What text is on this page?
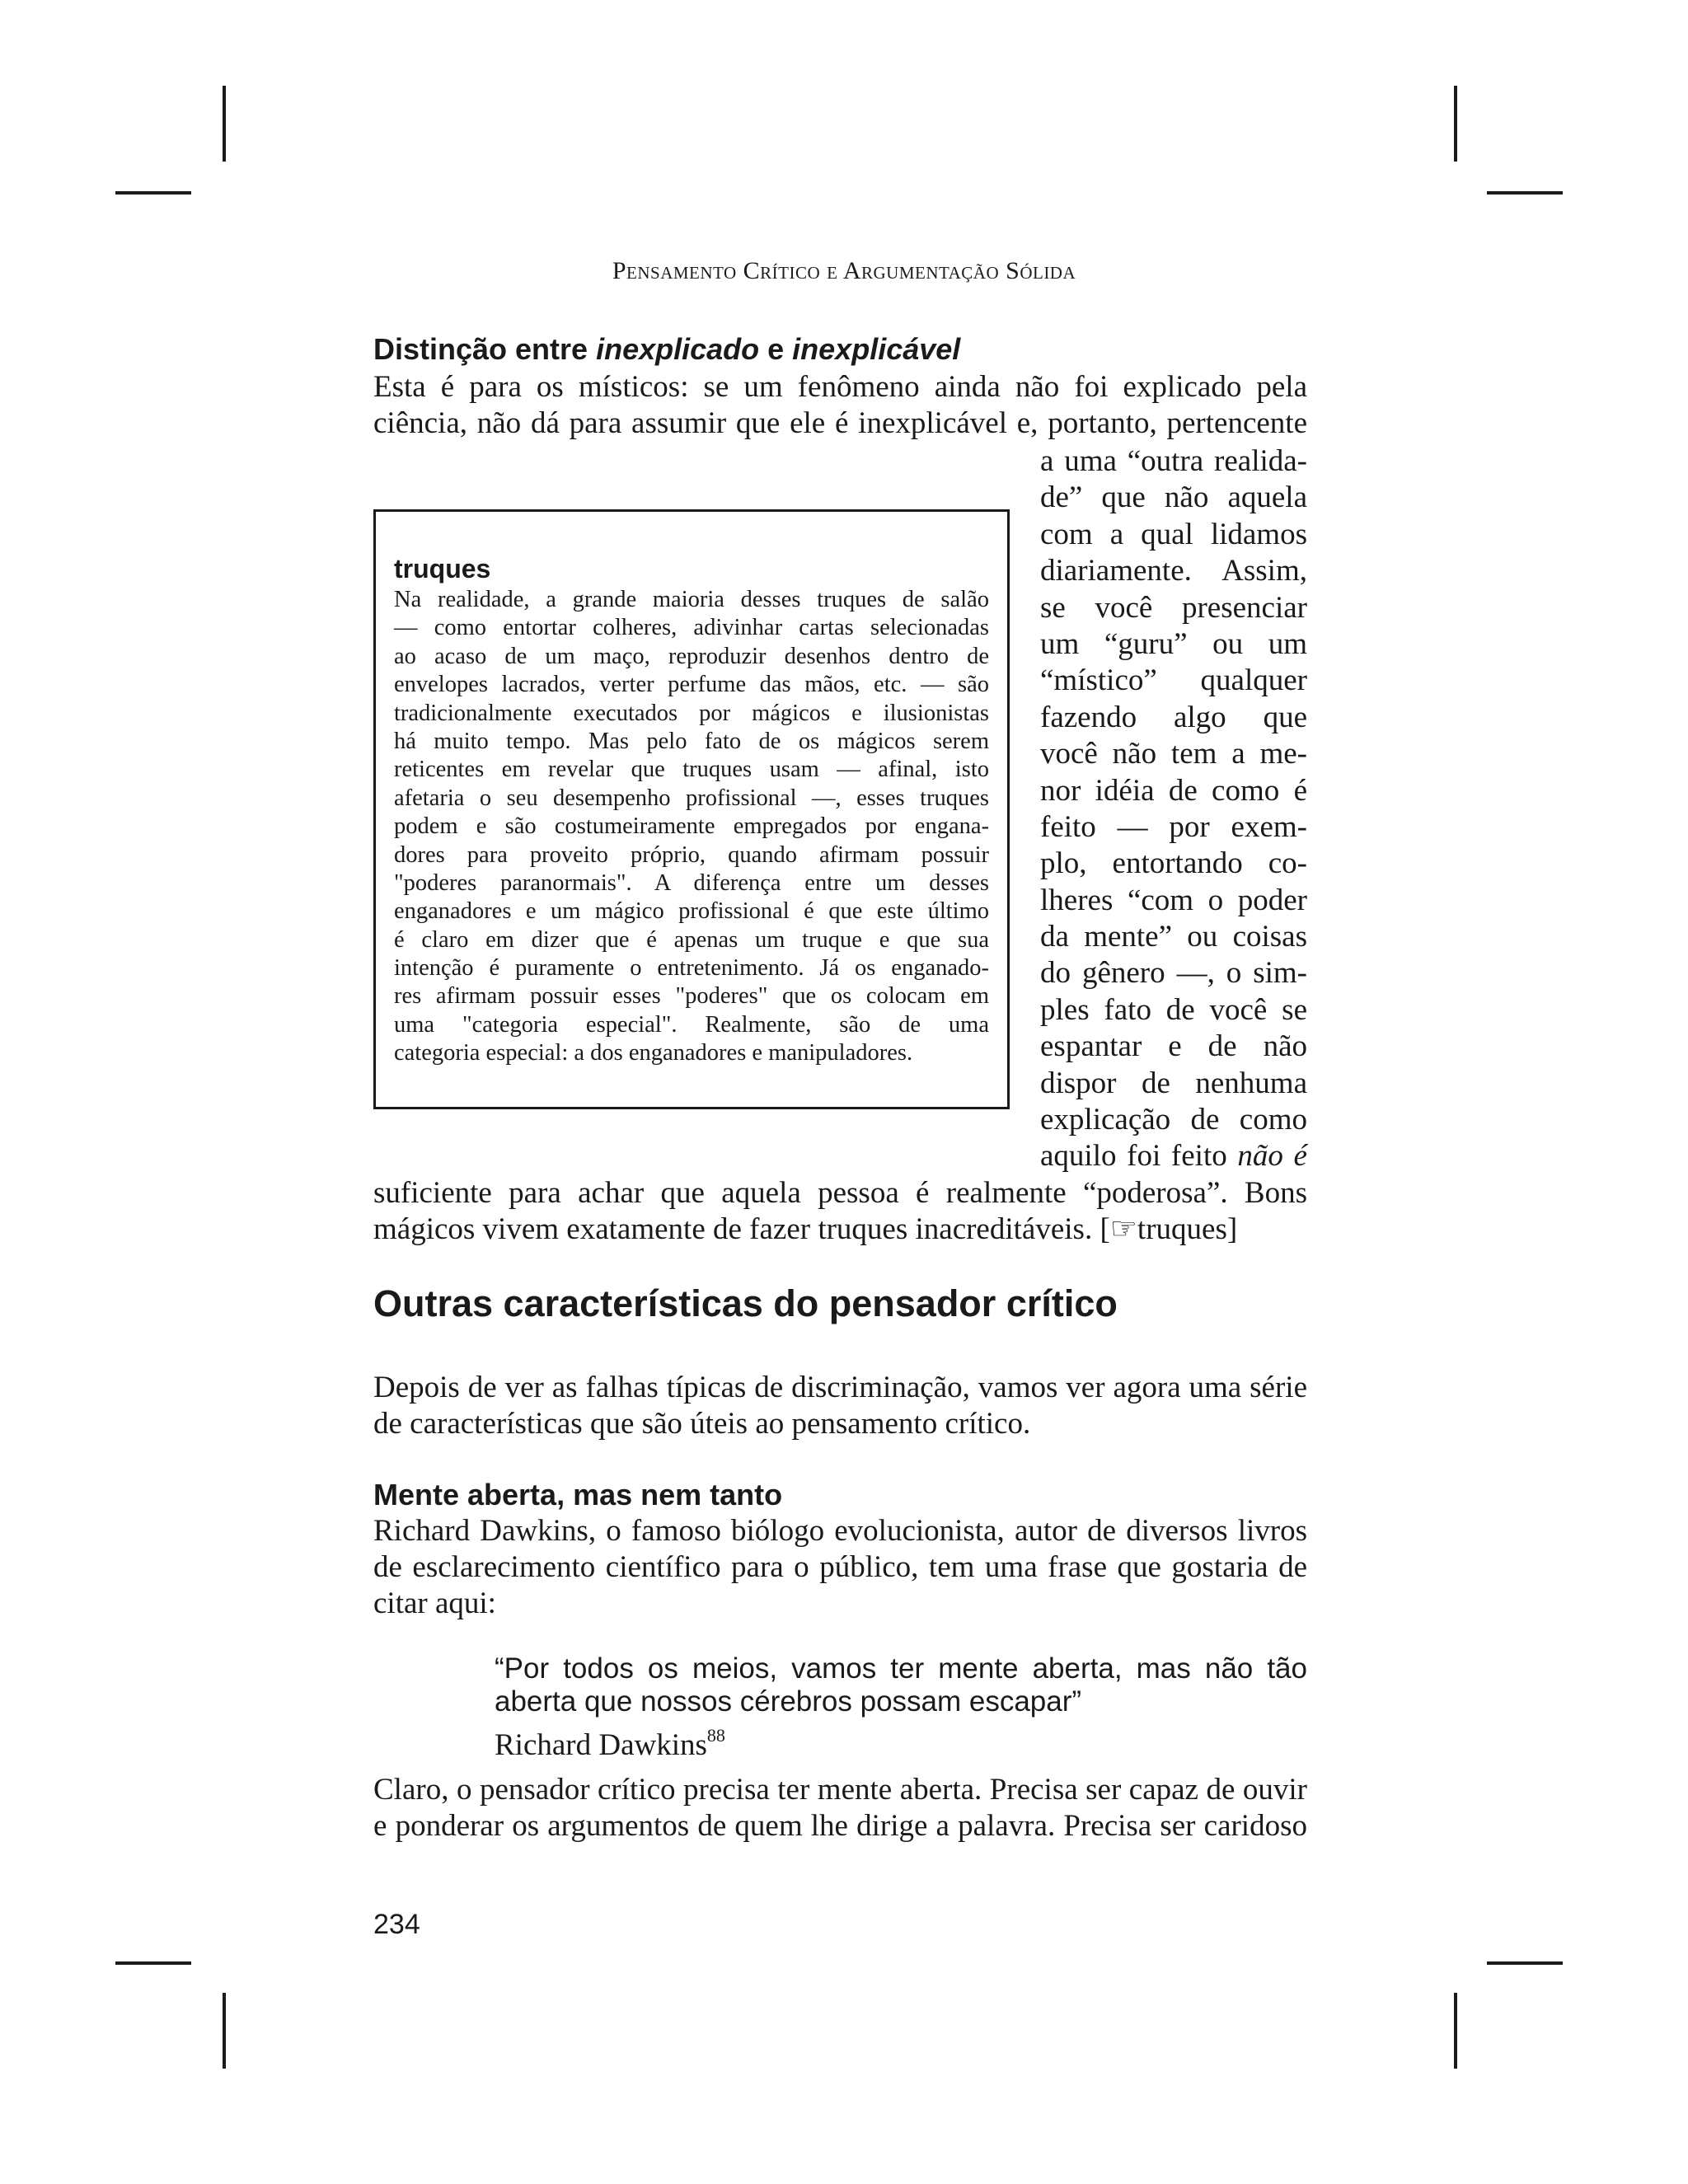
Pensamento Crítico e Argumentação Sólida
Distinção entre inexplicado e inexplicável
Esta é para os místicos: se um fenômeno ainda não foi explicado pela
ciência, não dá para assumir que ele é inexplicável e, portanto, pertencente
truques
Na realidade, a grande maioria desses truques de salão
— como entortar colheres, adivinhar cartas selecionadas
ao acaso de um maço, reproduzir desenhos dentro de
envelopes lacrados, verter perfume das mãos, etc. — são
tradicionalmente executados por mágicos e ilusionistas
há muito tempo. Mas pelo fato de os mágicos serem
reticentes em revelar que truques usam — afinal, isto
afetaria o seu desempenho profissional —, esses truques
podem e são costumeiramente empregados por engana-
dores para proveito próprio, quando afirmam possuir
"poderes paranormais". A diferença entre um desses
enganadores e um mágico profissional é que este último
é claro em dizer que é apenas um truque e que sua
intenção é puramente o entretenimento. Já os enganado-
res afirmam possuir esses "poderes" que os colocam em
uma "categoria especial". Realmente, são de uma
categoria especial: a dos enganadores e manipuladores.
a uma “outra realida-
de” que não aquela
com a qual lidamos
diariamente. Assim,
se você presenciar
um “guru” ou um
“místico” qualquer
fazendo algo que
você não tem a me-
nor idéia de como é
feito — por exem-
plo, entortando co-
lheres “com o poder
da mente” ou coisas
do gênero —, o sim-
ples fato de você se
espantar e de não
dispor de nenhuma
explicação de como
aquilo foi feito não é
suficiente para achar que aquela pessoa é realmente “poderosa”. Bons
mágicos vivem exatamente de fazer truques inacreditáveis. [☞truques]
Outras características do pensador crítico
Depois de ver as falhas típicas de discriminação, vamos ver agora uma série
de características que são úteis ao pensamento crítico.
Mente aberta, mas nem tanto
Richard Dawkins, o famoso biólogo evolucionista, autor de diversos livros
de esclarecimento científico para o público, tem uma frase que gostaria de
citar aqui:

“Por todos os meios, vamos ter mente aberta, mas não tão
aberta que nossos cérebros possam escapar”

Richard Dawkins$^{88}$

Claro, o pensador crítico precisa ter mente aberta. Precisa ser capaz de ouvir
e ponderar os argumentos de quem lhe dirige a palavra. Precisa ser caridoso
234
